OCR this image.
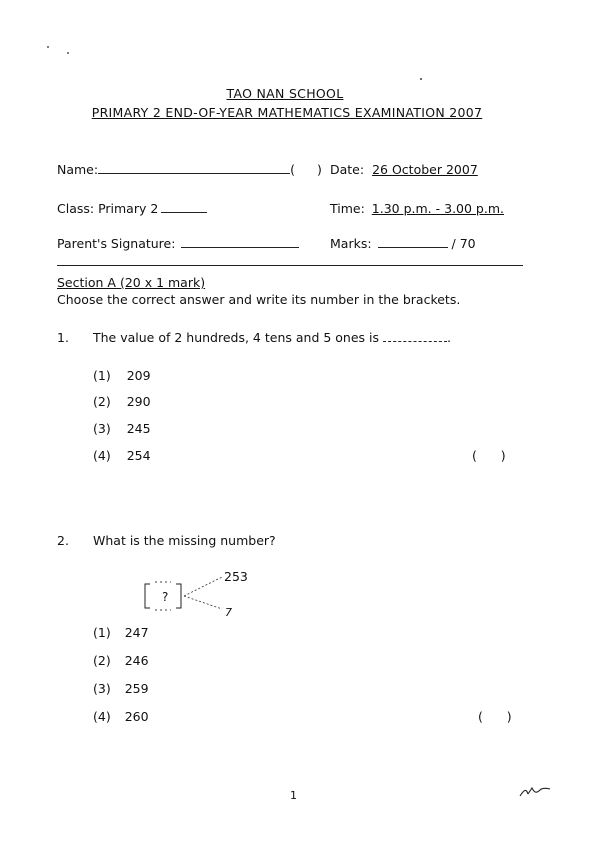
TAO NAN SCHOOL
PRIMARY 2 END-OF-YEAR MATHEMATICS EXAMINATION 2007
Name:	( ) Date: 26 October 2007
Class: Primary 2	Time: 1.30 p.m. - 3.00 p.m.
Parent's Signature:	Marks:	/ 70
Section A (20 x 1 mark)
Choose the correct answer and write its number in the brackets.
1. The value of 2 hundreds, 4 tens and 5 ones is	.
(1) 209
(2) 290
(3) 245
(4) 254	(      )
2. What is the missing number?
?
253
7
(1) 247
(2) 246
(3) 259
(4) 260	(      )
1
